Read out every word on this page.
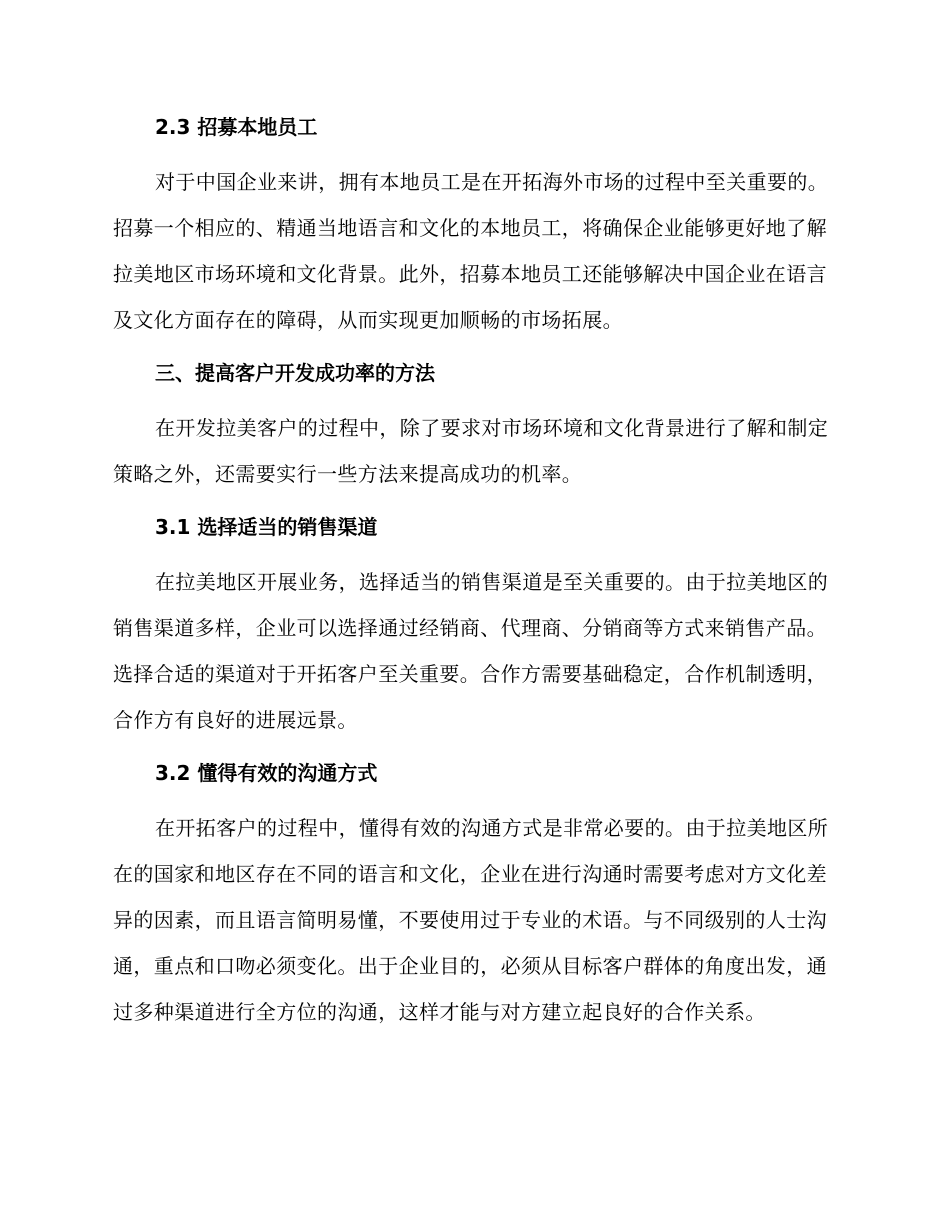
2.3 招募本地员工

对于中国企业来讲，拥有本地员工是在开拓海外市场的过程中至关重要的。招募一个相应的、精通当地语言和文化的本地员工，将确保企业能够更好地了解拉美地区市场环境和文化背景。此外，招募本地员工还能够解决中国企业在语言及文化方面存在的障碍，从而实现更加顺畅的市场拓展。

三、提高客户开发成功率的方法

在开发拉美客户的过程中，除了要求对市场环境和文化背景进行了解和制定策略之外，还需要实行一些方法来提高成功的机率。

3.1 选择适当的销售渠道

在拉美地区开展业务，选择适当的销售渠道是至关重要的。由于拉美地区的销售渠道多样，企业可以选择通过经销商、代理商、分销商等方式来销售产品。选择合适的渠道对于开拓客户至关重要。合作方需要基础稳定，合作机制透明，合作方有良好的进展远景。

3.2 懂得有效的沟通方式

在开拓客户的过程中，懂得有效的沟通方式是非常必要的。由于拉美地区所在的国家和地区存在不同的语言和文化，企业在进行沟通时需要考虑对方文化差异的因素，而且语言简明易懂，不要使用过于专业的术语。与不同级别的人士沟通，重点和口吻必须变化。出于企业目的，必须从目标客户群体的角度出发，通过多种渠道进行全方位的沟通，这样才能与对方建立起良好的合作关系。
